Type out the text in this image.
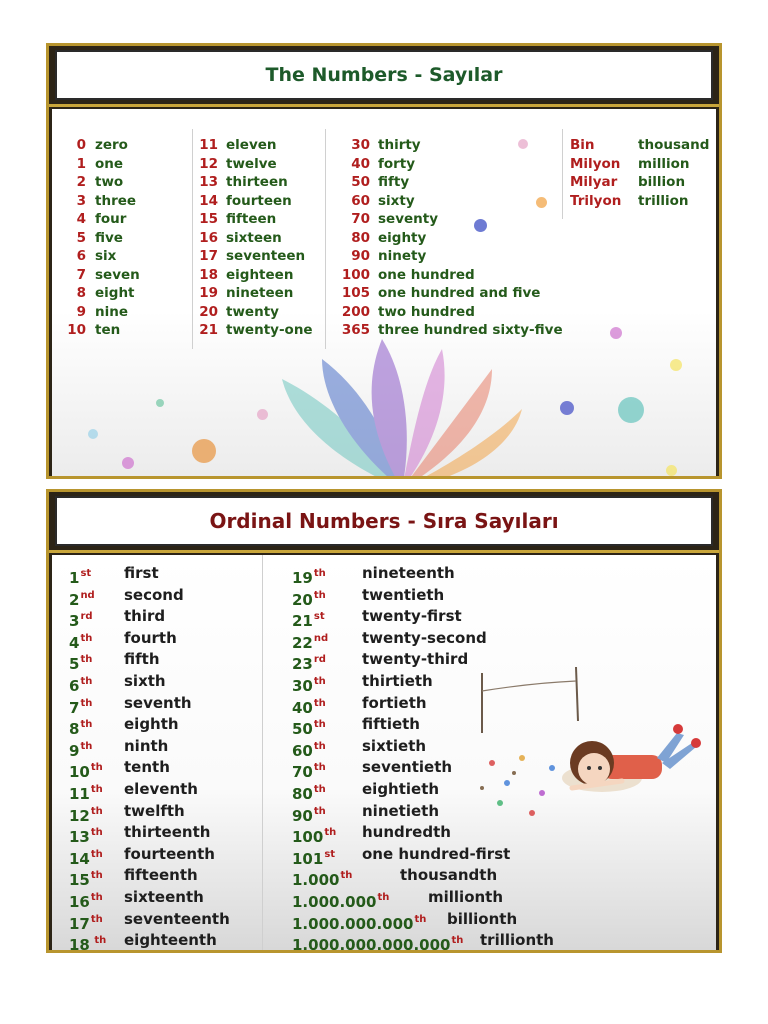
The Numbers - Sayılar
0 zero
1 one
2 two
3 three
4 four
5 five
6 six
7 seven
8 eight
9 nine
10 ten
11 eleven
12 twelve
13 thirteen
14 fourteen
15 fifteen
16 sixteen
17 seventeen
18 eighteen
19 nineteen
20 twenty
21 twenty-one
30 thirty
40 forty
50 fifty
60 sixty
70 seventy
80 eighty
90 ninety
100 one hundred
105 one hundred and five
200 two hundred
365 three hundred sixty-five
Bin	thousand
Milyon	million
Milyar	billion
Trilyon	trillion
Ordinal Numbers - Sıra Sayıları
1st	first
2nd	second
3rd	third
4th	fourth
5th	fifth
6th	sixth
7th	seventh
8th	eighth
9th	ninth
10th	tenth
11th	eleventh
12th	twelfth
13th	thirteenth
14th	fourteenth
15th	fifteenth
16th	sixteenth
17th	seventeenth
18 $^{th}$	eighteenth
19th	nineteenth
20th	twentieth
21st	twenty-first
22nd	twenty-second
23rd	twenty-third
30th	thirtieth
40th	fortieth
50th	fiftieth
60th	sixtieth
70th	seventieth
80th	eightieth
90th	ninetieth
100th	hundredth
101st	one hundred-first
1.000th	thousandth
1.000.000th	millionth
1.000.000.000th	billionth
1.000.000.000.000th	trillionth
